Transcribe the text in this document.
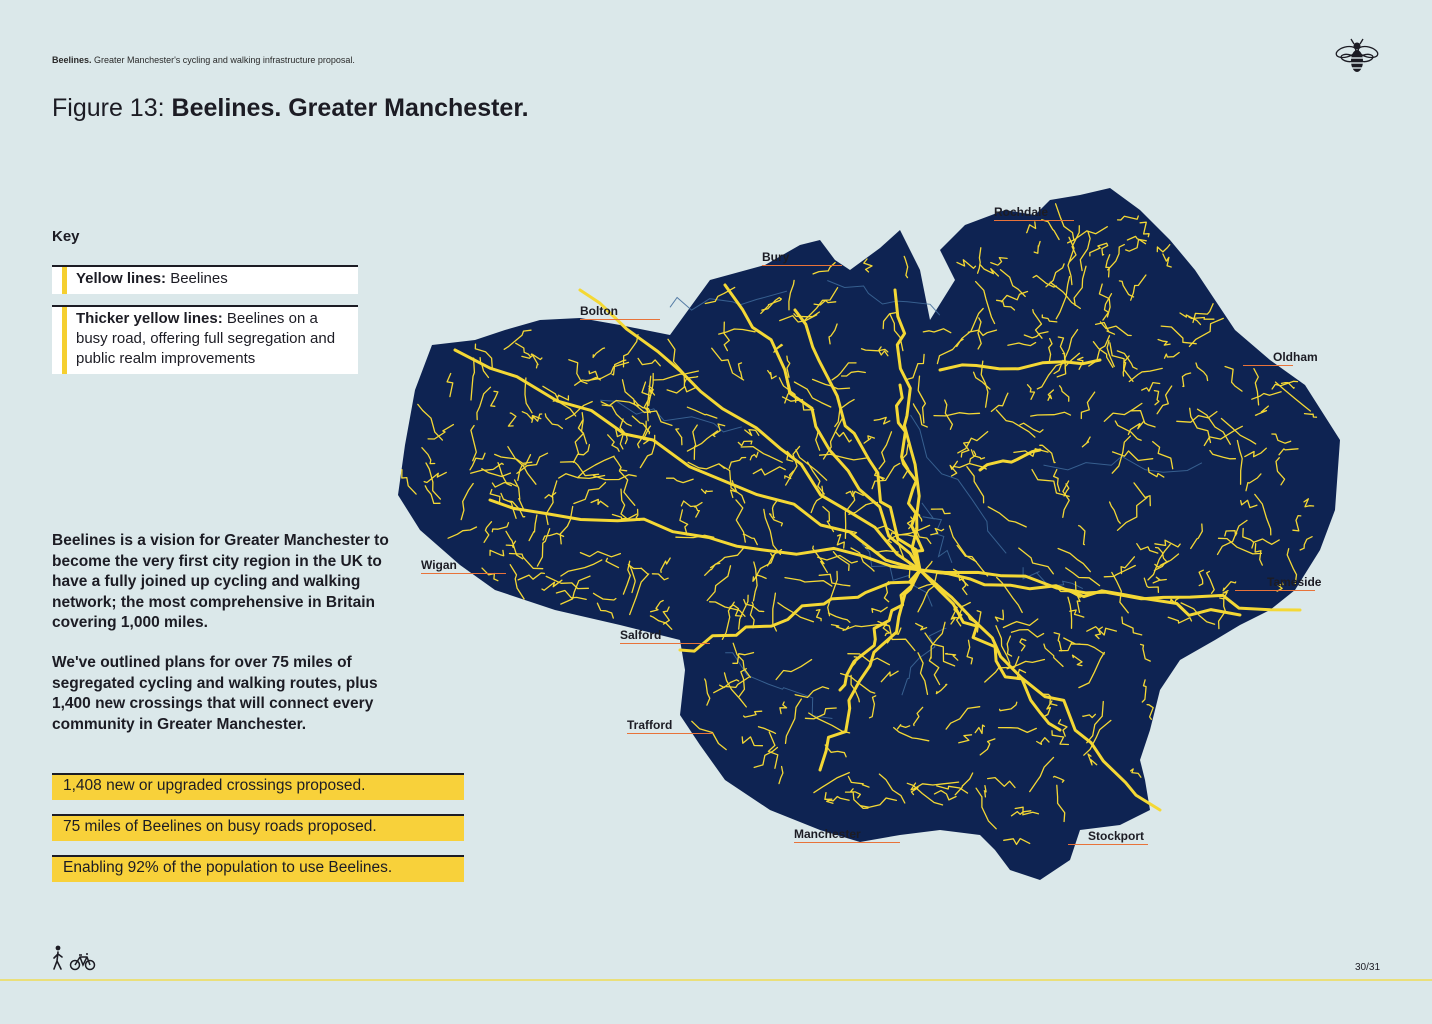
Beelines. Greater Manchester's cycling and walking infrastructure proposal.
Figure 13: Beelines. Greater Manchester.
Key
Yellow lines: Beelines
Thicker yellow lines: Beelines on a busy road, offering full segregation and public realm improvements
Beelines is a vision for Greater Manchester to become the very first city region in the UK to have a fully joined up cycling and walking network; the most comprehensive in Britain covering 1,000 miles.
We've outlined plans for over 75 miles of segregated cycling and walking routes, plus 1,400 new crossings that will connect every community in Greater Manchester.
1,408 new or upgraded crossings proposed.
75 miles of Beelines on busy roads proposed.
Enabling 92% of the population to use Beelines.
Rochdale
Bury
Bolton
Oldham
Wigan
Tameside
Salford
Trafford
Manchester	Stockport
30/31
